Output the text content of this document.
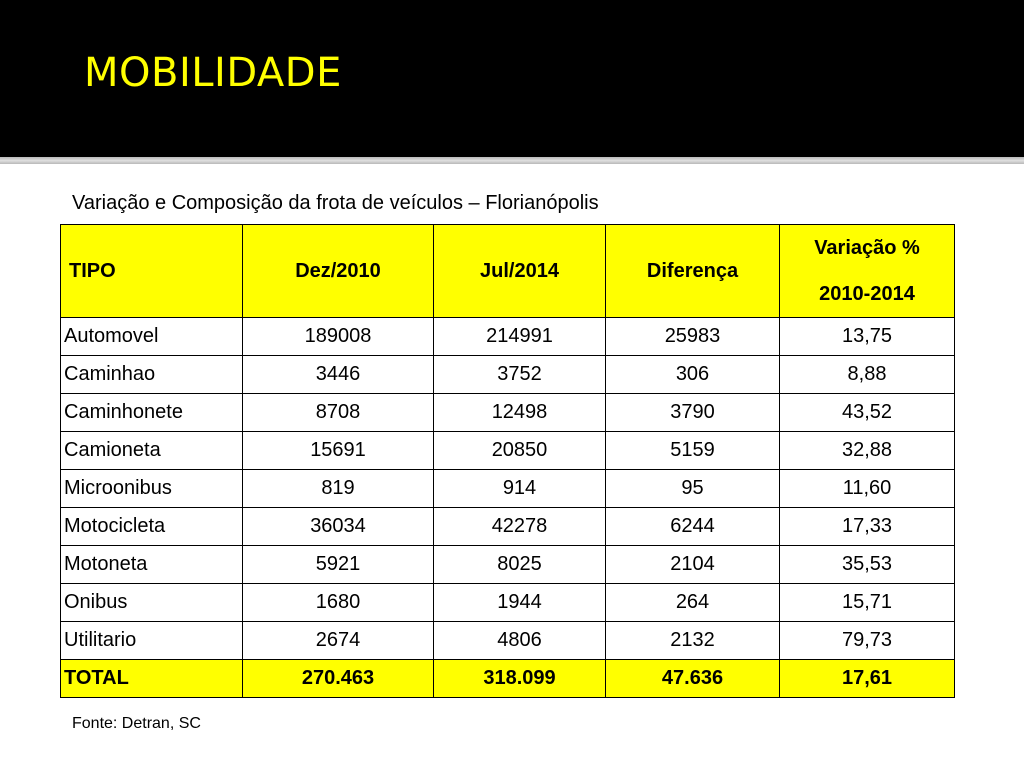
MOBILIDADE
Variação e Composição da frota de veículos – Florianópolis
TIPO	Dez/2010	Jul/2014	Diferença	Variação %
2010-2014

Automovel	189008	214991	25983	13,75
Caminhao	3446	3752	306	8,88
Caminhonete	8708	12498	3790	43,52
Camioneta	15691	20850	5159	32,88
Microonibus	819	914	95	11,60
Motocicleta	36034	42278	6244	17,33
Motoneta	5921	8025	2104	35,53
Onibus	1680	1944	264	15,71
Utilitario	2674	4806	2132	79,73
TOTAL	270.463	318.099	47.636	17,61
Fonte: Detran, SC
